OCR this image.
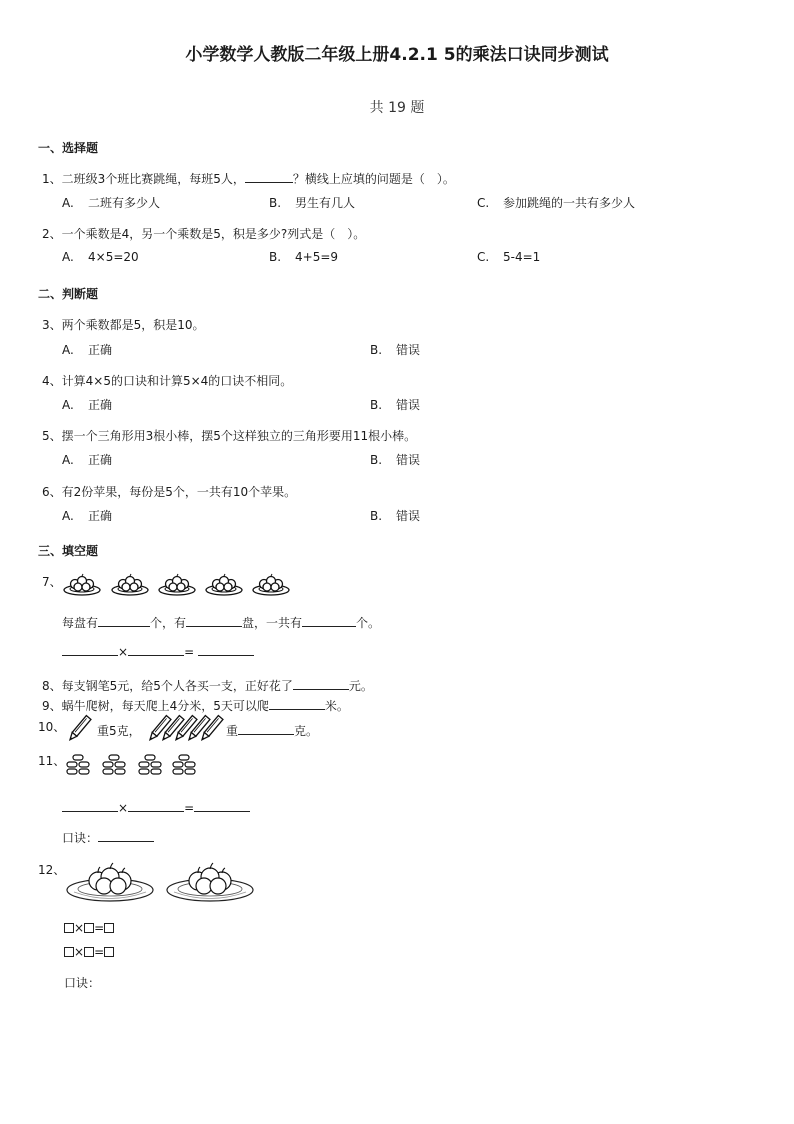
小学数学人教版二年级上册4.2.1 5的乘法口诀同步测试
共 19 题
一、选择题
1、二班级3个班比赛跳绳，每班5人，	？横线上应填的问题是（　）。
A. 二班有多少人	B. 男生有几人	C. 参加跳绳的一共有多少人
2、一个乘数是4，另一个乘数是5，积是多少?列式是（　）。
A. 4×5=20	B. 4+5=9	C. 5-4=1
二、判断题
3、两个乘数都是5，积是10。
A. 正确	B. 错误
4、计算4×5的口诀和计算5×4的口诀不相同。
A. 正确	B. 错误
5、摆一个三角形用3根小棒，摆5个这样独立的三角形要用11根小棒。
A. 正确	B. 错误
6、有2份苹果，每份是5个，一共有10个苹果。
A. 正确	B. 错误
三、填空题
7、
每盘有	个，有	盘，一共有	个。
×	=
8、每支钢笔5元，给5个人各买一支，正好花了	元。
9、蜗牛爬树，每天爬上4分米，5天可以爬	米。
10、	重5克，	重	克。
11、
×	=
口诀：
12、
× =
× =
口诀：
